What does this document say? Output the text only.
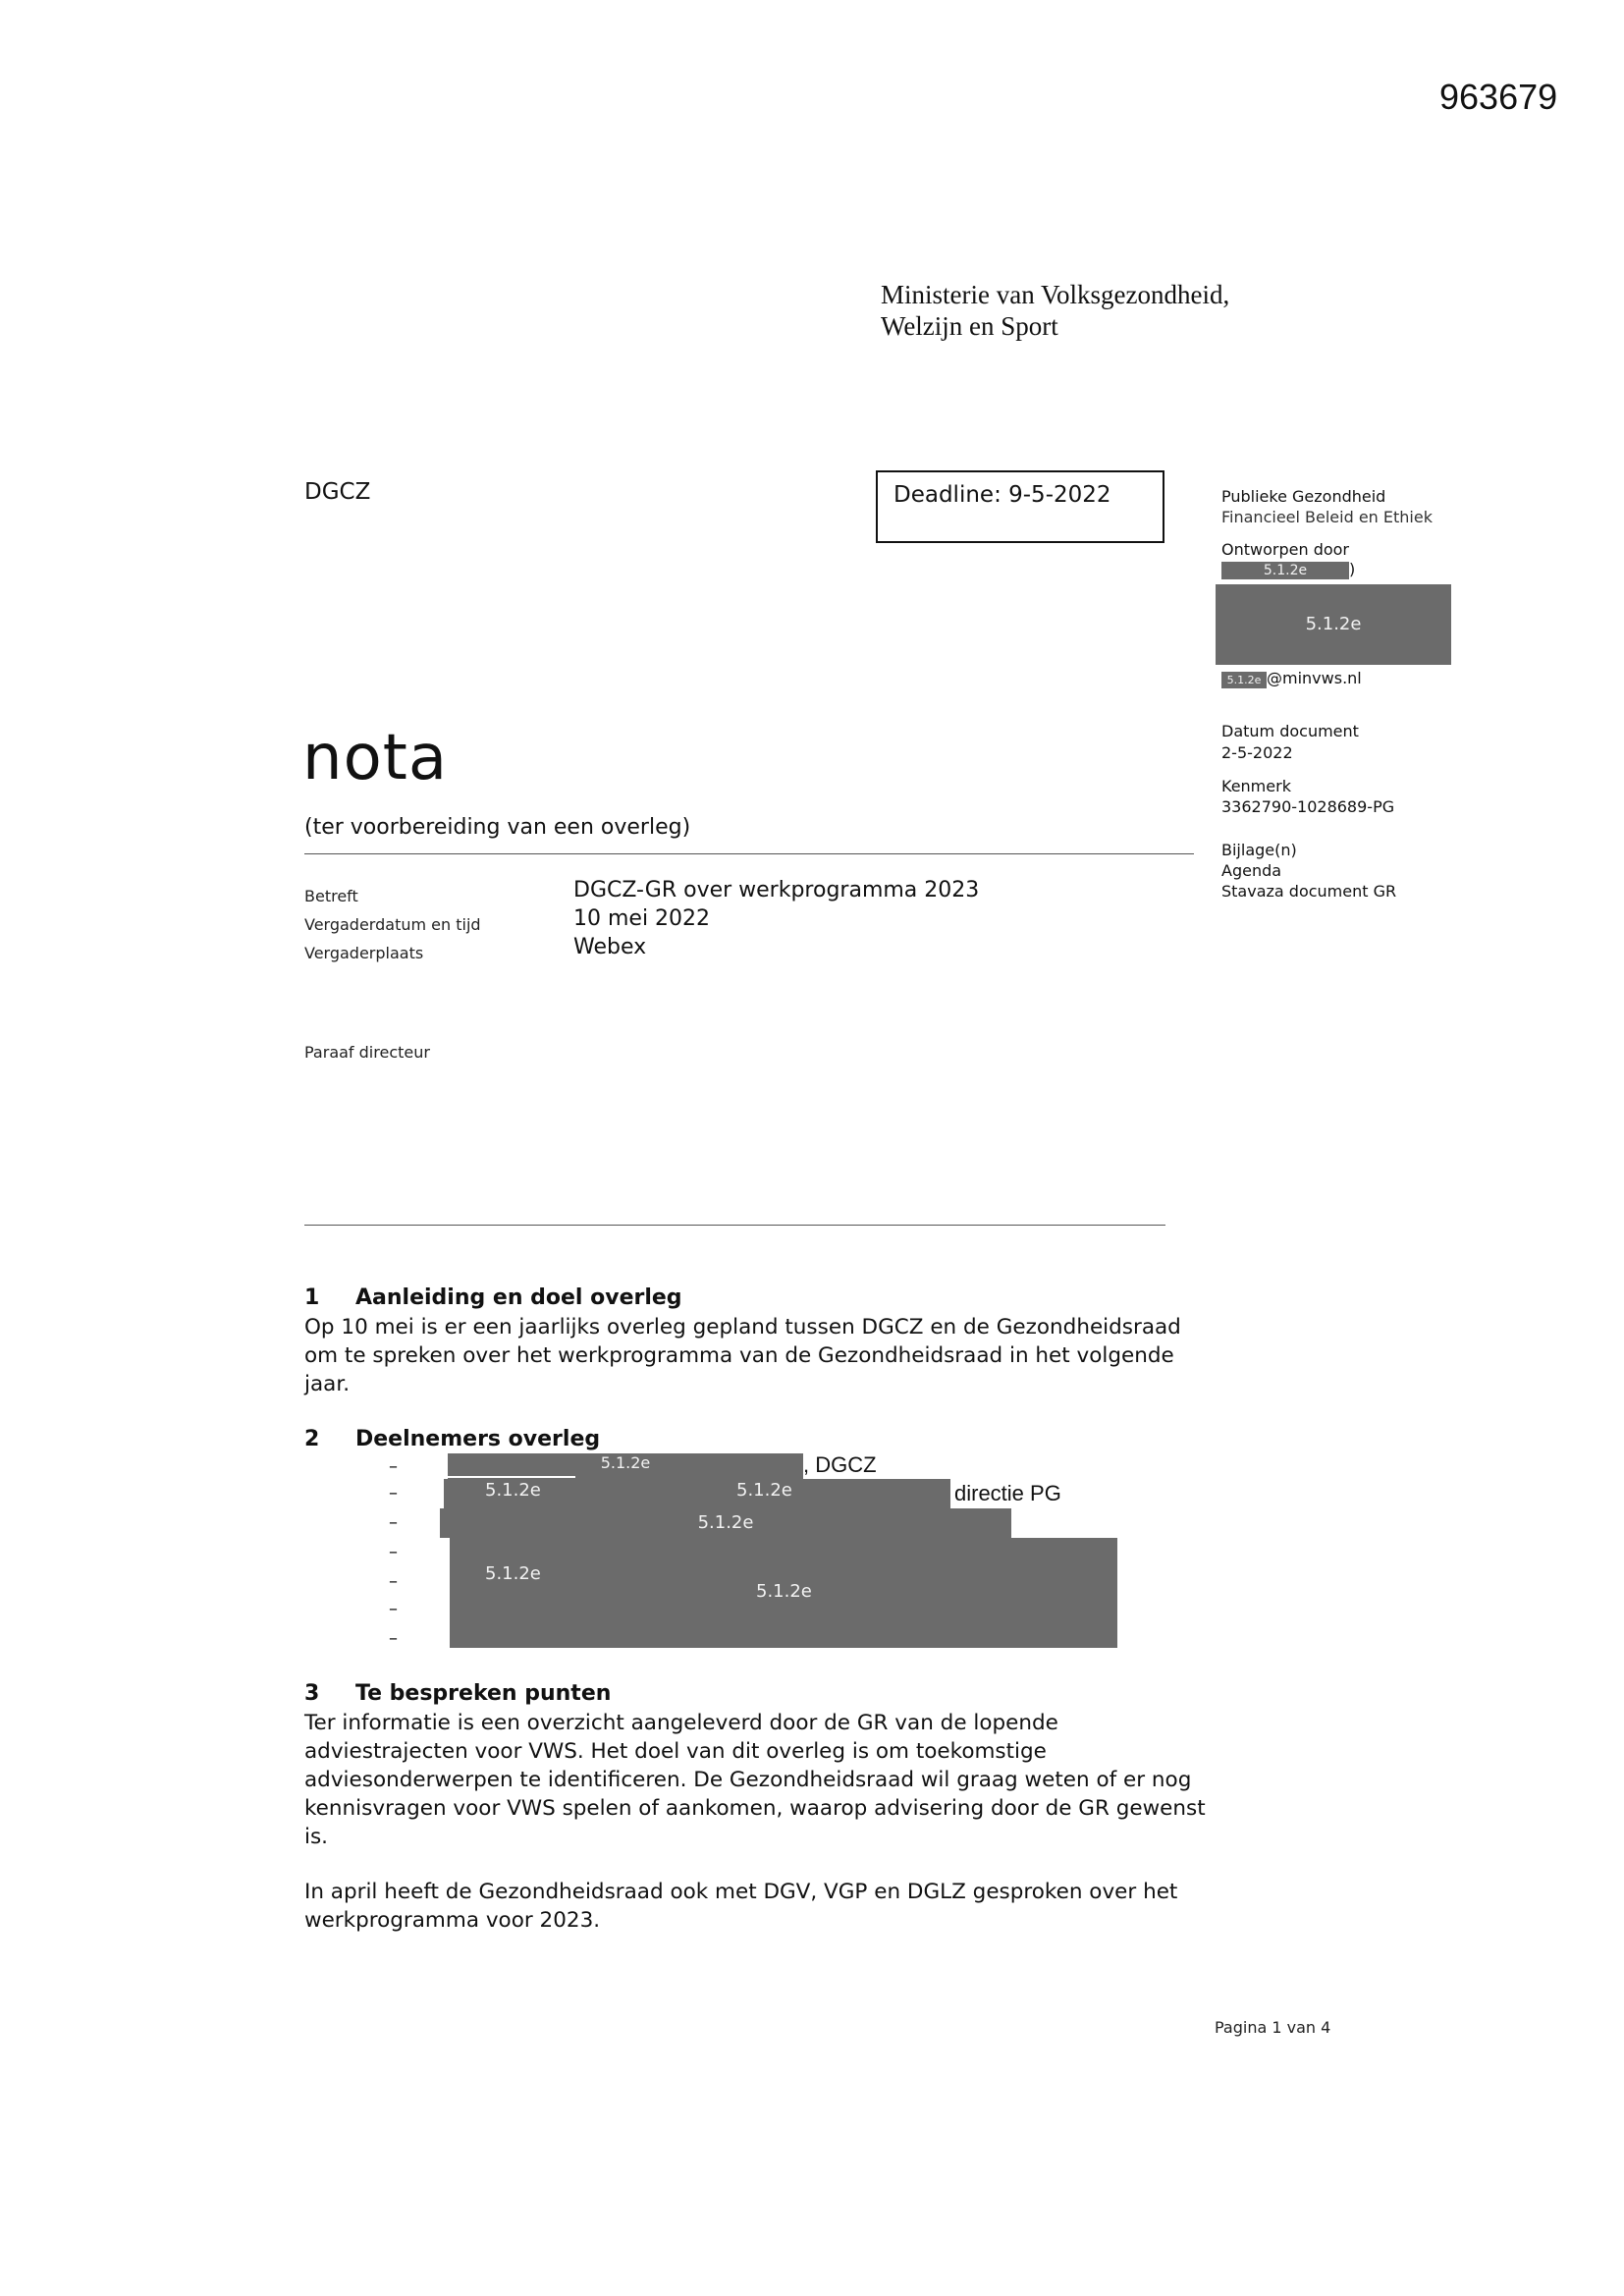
963679
Ministerie van Volksgezondheid,
Welzijn en Sport
DGCZ	Deadline: 9-5-2022	Publieke Gezondheid
Financieel Beleid en Ethiek
Ontworpen door
5.1.2e	)
5.1.2e
5.1.2e @minvws.nl
Datum document
2-5-2022
Kenmerk
3362790-1028689-PG
Bijlage(n)
Agenda
Stavaza document GR
nota
(ter voorbereiding van een overleg)
Betreft	DGCZ-GR over werkprogramma 2023
Vergaderdatum en tijd	10 mei 2022
Vergaderplaats	Webex
Paraaf directeur
1 Aanleiding en doel overleg
Op 10 mei is er een jaarlijks overleg gepland tussen DGCZ en de Gezondheidsraad om te spreken over het werkprogramma van de Gezondheidsraad in het volgende jaar.
2 Deelnemers overleg
–
–
–
–
–
–
–
5.1.2e	, DGCZ
5.1.2e	5.1.2e	directie PG
5.1.2e
5.1.2e
5.1.2e
3 Te bespreken punten
Ter informatie is een overzicht aangeleverd door de GR van de lopende adviestrajecten voor VWS. Het doel van dit overleg is om toekomstige adviesonderwerpen te identificeren. De Gezondheidsraad wil graag weten of er nog kennisvragen voor VWS spelen of aankomen, waarop advisering door de GR gewenst is.
In april heeft de Gezondheidsraad ook met DGV, VGP en DGLZ gesproken over het werkprogramma voor 2023.
Pagina 1 van 4
